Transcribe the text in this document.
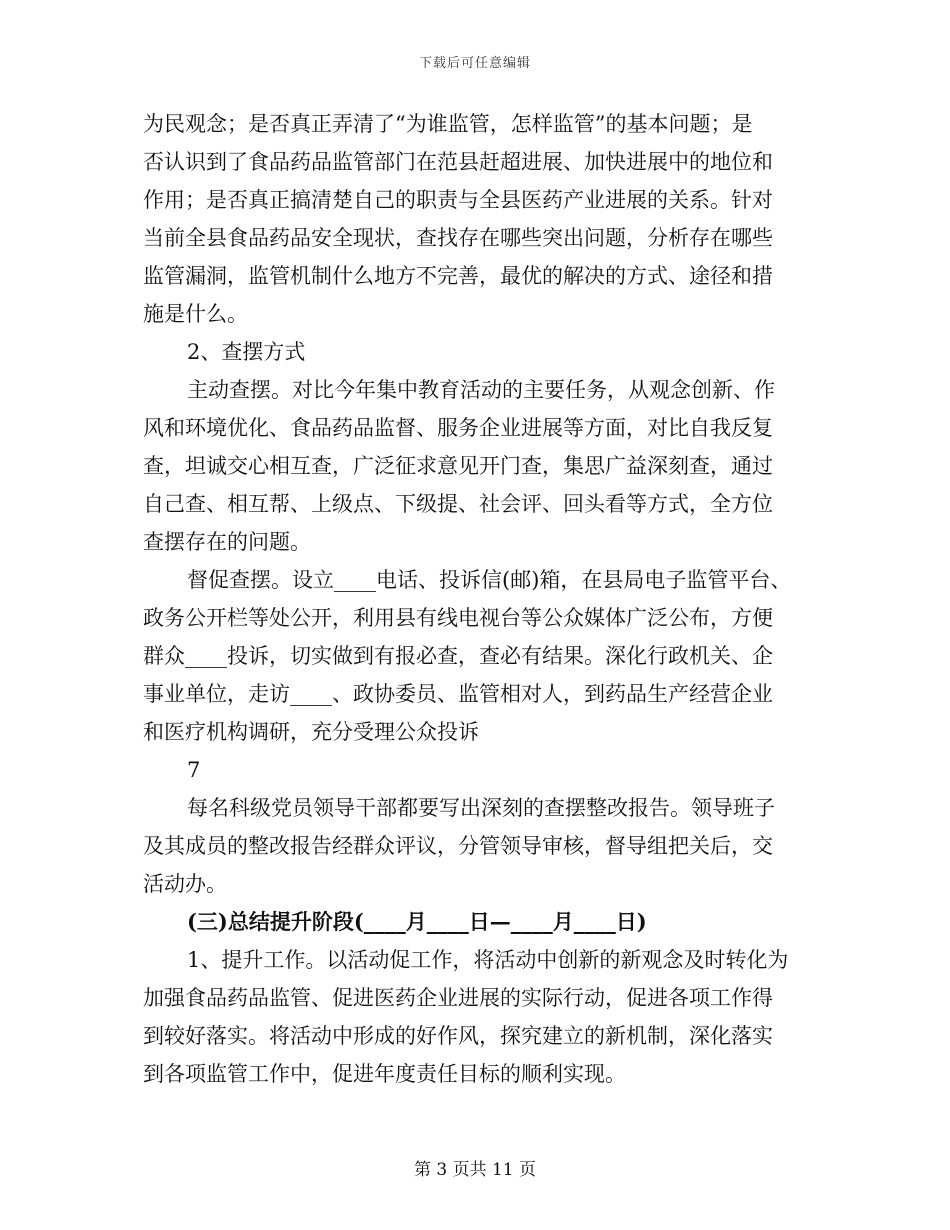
下载后可任意编辑
为民观念；是否真正弄清了“为谁监管，怎样监管”的基本问题；是
否认识到了食品药品监管部门在范县赶超进展、加快进展中的地位和
作用；是否真正搞清楚自己的职责与全县医药产业进展的关系。针对
当前全县食品药品安全现状，查找存在哪些突出问题，分析存在哪些
监管漏洞，监管机制什么地方不完善，最优的解决的方式、途径和措
施是什么。
2、查摆方式
主动查摆。对比今年集中教育活动的主要任务，从观念创新、作
风和环境优化、食品药品监督、服务企业进展等方面，对比自我反复
查，坦诚交心相互查，广泛征求意见开门查，集思广益深刻查，通过
自己查、相互帮、上级点、下级提、社会评、回头看等方式，全方位
查摆存在的问题。
督促查摆。设立____电话、投诉信(邮)箱，在县局电子监管平台、
政务公开栏等处公开，利用县有线电视台等公众媒体广泛公布，方便
群众____投诉，切实做到有报必查，查必有结果。深化行政机关、企
事业单位，走访____、政协委员、监管相对人，到药品生产经营企业
和医疗机构调研，充分受理公众投诉
7
每名科级党员领导干部都要写出深刻的查摆整改报告。领导班子
及其成员的整改报告经群众评议，分管领导审核，督导组把关后，交
活动办。
(三)总结提升阶段(____月____日—____月____日)
1、提升工作。以活动促工作，将活动中创新的新观念及时转化为
加强食品药品监管、促进医药企业进展的实际行动，促进各项工作得
到较好落实。将活动中形成的好作风，探究建立的新机制，深化落实
到各项监管工作中，促进年度责任目标的顺利实现。
第 3 页共 11 页
